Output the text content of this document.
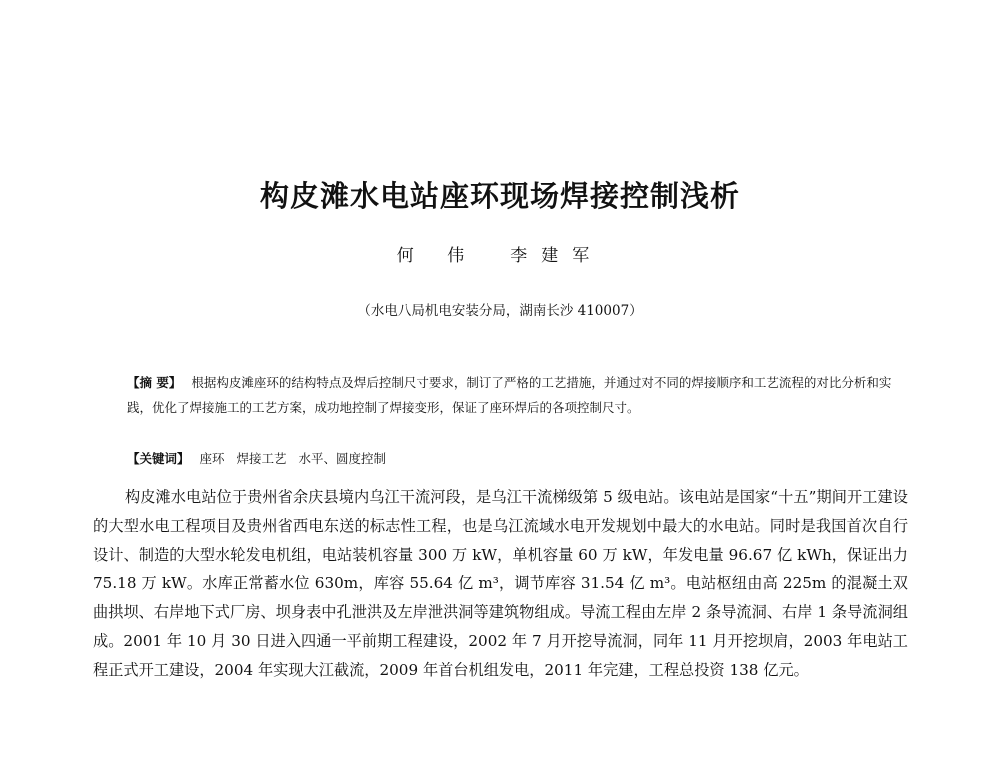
构皮滩水电站座环现场焊接控制浅析
何 伟 李建军
（水电八局机电安装分局，湖南长沙 410007）

【摘 要】 根据构皮滩座环的结构特点及焊后控制尺寸要求，制订了严格的工艺措施，并通过对不同的焊接顺序和工艺流程的对比分析和实践，优化了焊接施工的工艺方案，成功地控制了焊接变形，保证了座环焊后的各项控制尺寸。

【关键词】 座环 焊接工艺 水平、圆度控制

构皮滩水电站位于贵州省余庆县境内乌江干流河段，是乌江干流梯级第 5 级电站。该电站是国家“十五”期间开工建设的大型水电工程项目及贵州省西电东送的标志性工程，也是乌江流域水电开发规划中最大的水电站。同时是我国首次自行设计、制造的大型水轮发电机组，电站装机容量 300 万 kW，单机容量 60 万 kW，年发电量 96.67 亿 kWh，保证出力 75.18 万 kW。水库正常蓄水位 630m，库容 55.64 亿 m³，调节库容 31.54 亿 m³。电站枢纽由高 225m 的混凝土双曲拱坝、右岸地下式厂房、坝身表中孔泄洪及左岸泄洪洞等建筑物组成。导流工程由左岸 2 条导流洞、右岸 1 条导流洞组成。2001 年 10 月 30 日进入四通一平前期工程建设，2002 年 7 月开挖导流洞，同年 11 月开挖坝肩，2003 年电站工程正式开工建设，2004 年实现大江截流，2009 年首台机组发电，2011 年完建，工程总投资 138 亿元。
